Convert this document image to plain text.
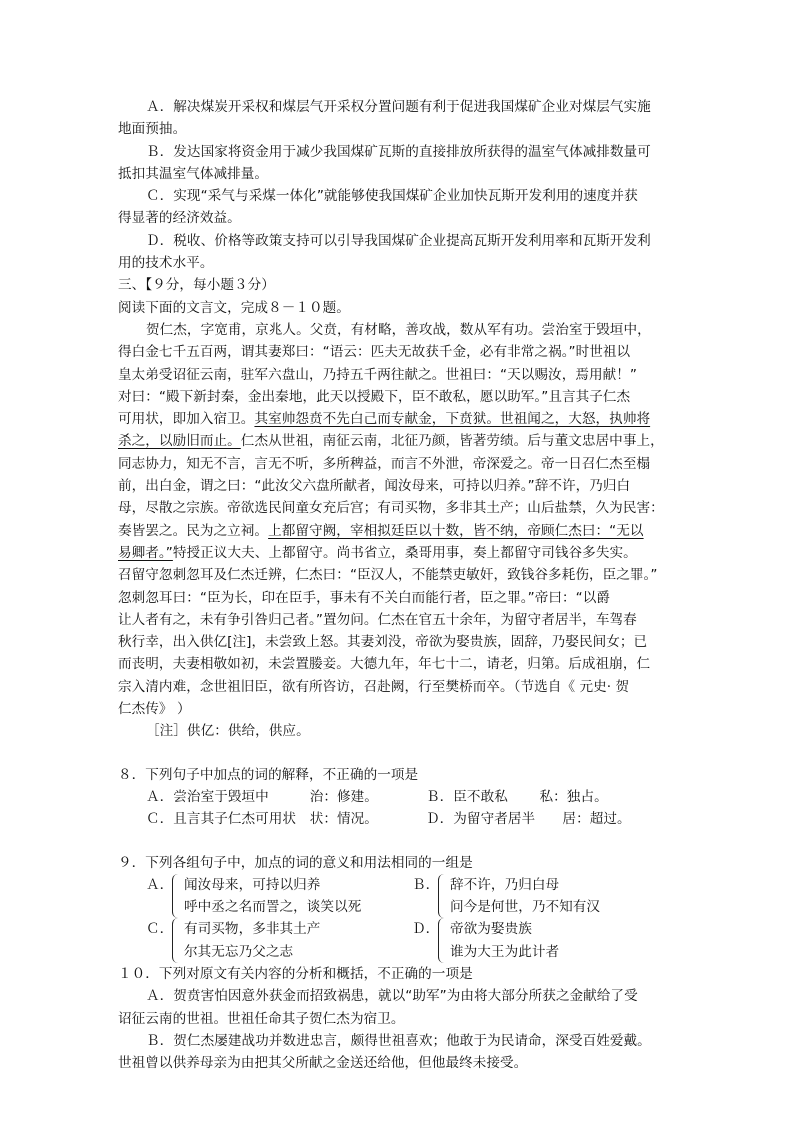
Ａ．解决煤炭开采权和煤层气开采权分置问题有利于促进我国煤矿企业对煤层气实施

地面预抽。

Ｂ．发达国家将资金用于减少我国煤矿瓦斯的直接排放所获得的温室气体减排数量可

抵扣其温室气体减排量。

Ｃ．实现“采气与采煤一体化”就能够使我国煤矿企业加快瓦斯开发利用的速度并获

得显著的经济效益。

Ｄ．税收、价格等政策支持可以引导我国煤矿企业提高瓦斯开发利用率和瓦斯开发利

用的技术水平。

三、【９分，每小题３分）

阅读下面的文言文，完成８－１０题。

贺仁杰，字宽甫，京兆人。父贲，有材略，善攻战，数从军有功。尝治室于毁垣中，

得白金七千五百两，谓其妻郑曰：“语云：匹夫无故获千金，必有非常之祸。”时世祖以

皇太弟受诏征云南，驻军六盘山，乃持五千两往献之。世祖曰：“天以赐汝，焉用献！”

对曰：“殿下新封秦，金出秦地，此天以授殿下，臣不敢私，愿以助军。”且言其子仁杰

可用状，即加入宿卫。其室帅怨贲不先白己而专献金，下贲狱。世祖闻之，大怒，执帅将

杀之，以励旧而止。仁杰从世祖，南征云南，北征乃颜，皆著劳绩。后与董文忠居中事上，

同志协力，知无不言，言无不听，多所稗益，而言不外泄，帝深爱之。帝一日召仁杰至榻

前，出白金，谓之曰：“此汝父六盘所献者，闻汝母来，可持以归养。”辞不许，乃归白

母，尽散之宗族。帝欲选民间童女充后宫；有司买物，多非其土产；山后盐禁，久为民害：

奏皆罢之。民为之立祠。上都留守阙，宰相拟廷臣以十数，皆不纳，帝顾仁杰曰：“无以

易卿者。”特授正议大夫、上都留守。尚书省立，桑哥用事，奏上都留守司钱谷多失实。

召留守忽刺忽耳及仁杰迁辨，仁杰曰：“臣汉人，不能禁吏敏奸，致钱谷多耗伤，臣之罪。”

忽刺忽耳曰：“臣为长，印在臣手，事未有不关白而能行者，臣之罪。”帝曰：“以爵

让人者有之，未有争引咎归己者。”置勿问。仁杰在官五十余年，为留守者居半，车驾春

秋行幸，出入供亿[注]，未尝致上怒。其妻刘没，帝欲为娶贵族，固辞，乃娶民间女；已

而丧明，夫妻相敬如初，未尝置媵妾。大德九年，年七十二，请老，归第。后成祖崩，仁

宗入清内难，念世祖旧臣，欲有所咨访，召赴阙，行至樊桥而卒。（节选自《 元史· 贺

仁杰传》 ）

［注］供亿：供给，供应。

８．下列句子中加点的词的解释，不正确的一项是

Ａ．尝治室于毁垣中　　　治：修建。	Ｂ．臣不敢私　　 私：独占。
Ｃ．且言其子仁杰可用状　状：情况。	Ｄ．为留守者居半　　居：超过。

９．下列各组句子中，加点的词的意义和用法相同的一组是

Ａ． 闻汝母来，可持以归养
呼中丞之名而詈之，谈笑以死
Ｂ． 辞不许，乃归白母
问今是何世，乃不知有汉
Ｃ． 有司买物，多非其土产
尔其无忘乃父之志
Ｄ． 帝欲为娶贵族
谁为大王为此计者

１０．下列对原文有关内容的分析和概括，不正确的一项是

Ａ．贺贲害怕因意外获金而招致祸患，就以“助军”为由将大部分所获之金献给了受

诏征云南的世祖。世祖任命其子贺仁杰为宿卫。

Ｂ．贺仁杰屡建战功并数进忠言，颇得世祖喜欢；他敢于为民请命，深受百姓爱戴。

世祖曾以供养母亲为由把其父所献之金送还给他，但他最终未接受。
